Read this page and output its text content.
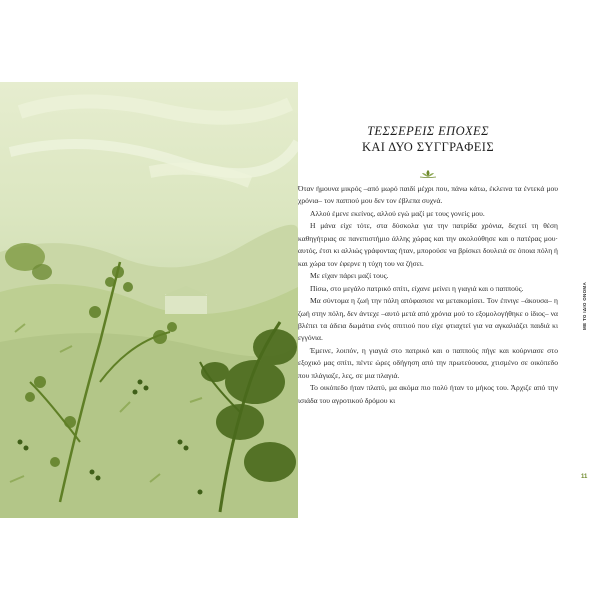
ΤΕΣΣΕΡΕΙΣ ΕΠΟΧΕΣ
ΚΑΙ ΔΥΟ ΣΥΓΓΡΑΦΕΙΣ

Όταν ήμουνα μικρός –από μωρό παιδί μέχρι που, πάνω κάτω, έκλεινα τα έντεκά μου χρόνια– τον παππού μου δεν τον έβλεπα συχνά.

Αλλού έμενε εκείνος, αλλού εγώ μαζί με τους γονείς μου.

Η μάνα είχε τότε, στα δύσκολα για την πατρίδα χρόνια, δεχτεί τη θέση καθηγήτριας σε πανεπιστήμιο άλλης χώρας και την ακολούθησε και ο πατέρας μου· αυτός, έτσι κι αλλιώς γράφοντας ήταν, μπορούσε να βρίσκει δουλειά σε όποια πόλη ή και χώρα τον έφερνε η τύχη του να ζήσει.

Με είχαν πάρει μαζί τους.

Πίσω, στο μεγάλο πατρικό σπίτι, είχανε μείνει η γιαγιά και ο παππούς.

Μα σύντομα η ζωή την πόλη απόφασισε να μετακομίσει. Τον έπνιγε –άκουσα– η ζωή στην πόλη, δεν άντεχε –αυτό μετά από χρόνια μού το εξομολογήθηκε ο ίδιος– να βλέπει τα άδεια δωμάτια ενός σπιτιού που είχε φτιαχτεί για να αγκαλιάζει παιδιά κι εγγόνια.

Έμεινε, λοιπόν, η γιαγιά στο πατρικό και ο παππούς πήγε και κούρνιασε στο εξοχικό μας σπίτι, πέντε ώρες οδήγηση από την πρωτεύουσα, χτισμένο σε οικόπεδο που πλάγιαζε, λες, σε μια πλαγιά.

Το οικόπεδο ήταν πλατύ, μα ακόμα πιο πολύ ήταν το μήκος του. Άρχιζε από την ισιάδα του αγροτικού δρόμου κι

ΜΕ ΤΟ ΙΔΙΟ ΟΝΟΜΑ
11
